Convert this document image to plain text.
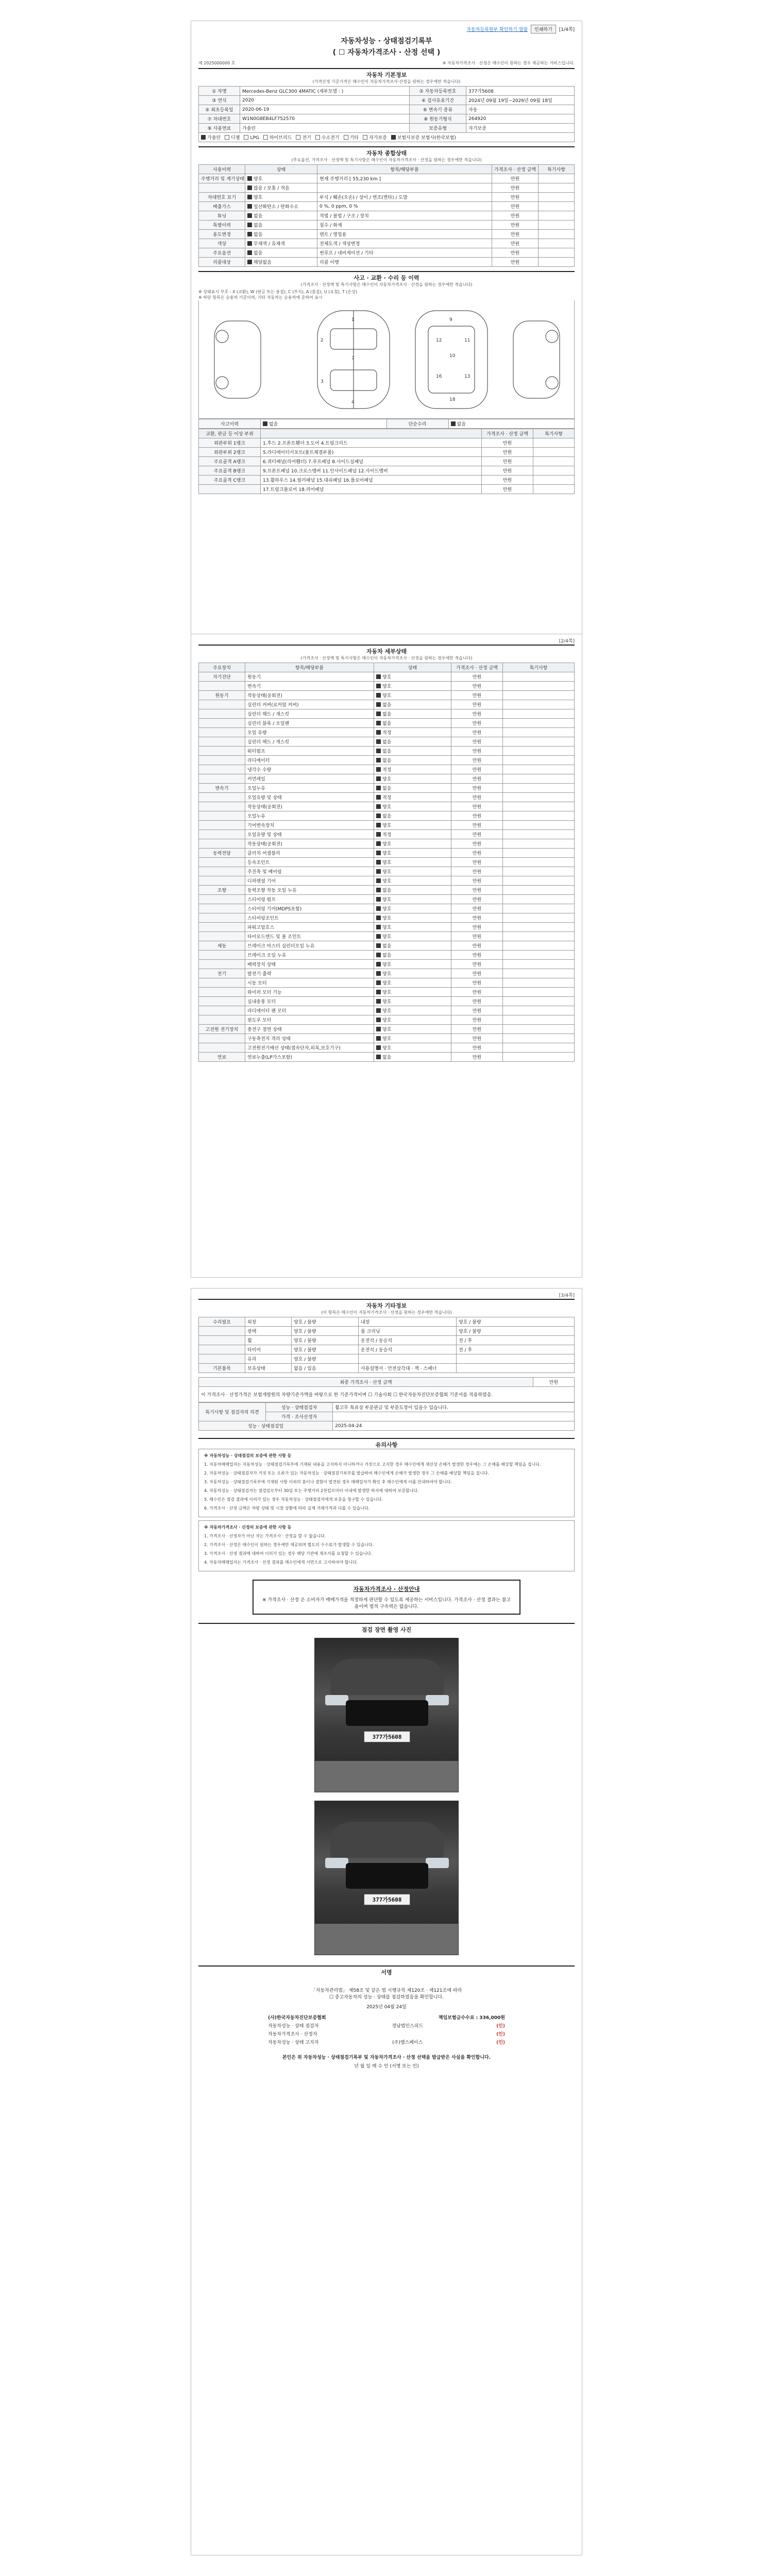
자동차등록원부 확인하기 열람	인쇄하기	[1/4쪽]
자동차성능 · 상태점검기록부
( ☐ 자동차가격조사 · 산정 선택 )
제 2025000000 호	※ 자동차가격조사 · 산정은 매수인이 원하는 경우 제공하는 서비스입니다.
자동차 기본정보
(가격산정 기준가격은 매수인이 자동차가격조사·산정을 원하는 경우에만 적습니다)
① 차명	Mercedes-Benz GLC300 4MATIC (세부모델 : )	② 자동차등록번호	377가5608
③ 연식	2020	④ 검사유효기간	2024년 09월 19일~2026년 09월 18일
⑤ 최초등록일	2020-06-19	⑥ 변속기 종류	자동
⑦ 차대번호	W1N0G8EB4LF752570	⑧ 원동기형식	264920
⑨ 사용연료	가솔린	보증유형	자가보증
가솔린 디젤 LPG 하이브리드 전기 수소전기 기타 자가보증 보험사보증 보험사(한국보험)			
자동차 종합상태
(주요옵션, 가격조사 · 산정액 및 특기사항은 매수인이 자동차가격조사 · 산정을 원하는 경우에만 적습니다)
사용이력	상태	항목/해당부품	가격조사 · 산정 금액	특기사항
주행거리 및 계기상태	양호	현재 주행거리 [ 55,230 km ]	만원	
	많음 / 보통 / 적음		만원	
차대번호 표기	양호	부식 / 훼손(오손) / 상이 / 변조(변타) / 도말	만원	
배출가스	일산화탄소 / 탄화수소	0 %, 0 ppm, 0 %	만원	
튜닝	없음	적법 / 불법 / 구조 / 장치	만원	
특별이력	없음	침수 / 화재	만원	
용도변경	없음	렌트 / 영업용	만원	
색상	무채색 / 유채색	전체도색 / 색상변경	만원	
주요옵션	없음	썬루프 / 네비게이션 / 기타	만원	
리콜대상	해당없음	리콜 이행	만원	
사고 · 교환 · 수리 등 이력
(가격조사 · 산정액 및 특기사항은 매수인이 자동차가격조사 · 산정을 원하는 경우에만 적습니다)
※ 상태표시 부호 : X (교환), W (판금 또는 용접), C (부식), A (흠집), U (요철), T (손상)
※ 하단 항목은 승용차 기준이며, 기타 자동차는 승용차에 준하여 표시
1
2
7
3
4
9
10
18
12	11
16	13
사고이력	없음	단순수리	없음
교환, 판금 등 이상 부위		가격조사 · 산정 금액	특기사항
외판부위 1랭크	1.후드 2.프론트휀더 3.도어 4.트렁크리드	만원	
외판부위 2랭크	5.라디에이터서포트(볼트체결부품)	만원	
주요골격 A랭크	6.쿼터패널(리어휀더) 7.루프패널 8.사이드실패널	만원	
주요골격 B랭크	9.프론트패널 10.크로스멤버 11.인사이드패널 12.사이드멤버	만원	
주요골격 C랭크	13.휠하우스 14.필러패널 15.대쉬패널 16.플로어패널	만원	
	17.트렁크플로어 18.리어패널	만원	
[2/4쪽]
자동차 세부상태
(가격조사 · 산정액 및 특기사항은 매수인이 자동차가격조사 · 산정을 원하는 경우에만 적습니다)
주요장치	항목/해당부품	상태	가격조사 · 산정 금액	특기사항
자기진단	원동기	양호	만원	
	변속기	양호	만원	
원동기	작동상태(공회전)	양호	만원	
	실린더 커버(로커암 커버)	없음	만원	
	실린더 헤드 / 개스킷	없음	만원	
	실린더 블록 / 오일팬	없음	만원	
	오일 유량	적정	만원	
	실린더 헤드 / 개스킷	없음	만원	
	워터펌프	없음	만원	
	라디에이터	없음	만원	
	냉각수 수량	적정	만원	
	커먼레일	양호	만원	
변속기	오일누유	없음	만원	
	오일유량 및 상태	적정	만원	
	작동상태(공회전)	양호	만원	
	오일누유	없음	만원	
	기어변속장치	양호	만원	
	오일유량 및 상태	적정	만원	
	작동상태(공회전)	양호	만원	
동력전달	클러치 어셈블리	양호	만원	
	등속조인트	양호	만원	
	추진축 및 베어링	양호	만원	
	디퍼렌셜 기어	양호	만원	
조향	동력조향 작동 오일 누유	없음	만원	
	스티어링 펌프	양호	만원	
	스티어링 기어(MDPS포함)	양호	만원	
	스티어링조인트	양호	만원	
	파워고압호스	양호	만원	
	타이로드엔드 및 볼 조인트	양호	만원	
제동	브레이크 마스터 실린더오일 누유	없음	만원	
	브레이크 오일 누유	없음	만원	
	배력장치 상태	양호	만원	
전기	발전기 출력	양호	만원	
	시동 모터	양호	만원	
	와이퍼 모터 기능	양호	만원	
	실내송풍 모터	양호	만원	
	라디에이터 팬 모터	양호	만원	
	윈도우 모터	양호	만원	
고전원 전기장치	충전구 절연 상태	양호	만원	
	구동축전지 격리 상태	양호	만원	
	고전원전기배선 상태(접속단자,피복,보호기구)	양호	만원	
연료	연료누출(LP가스포함)	없음	만원	
[3/4쪽]
자동차 기타정보
(이 항목은 매수인이 자동차가격조사 · 산정을 원하는 경우에만 적습니다)
수리필요	외장	양호 / 불량	내장	양호 / 불량
	광택	양호 / 불량	룸 크리닝	양호 / 불량
	휠	양호 / 불량	운전석 / 동승석	전 / 후
	타이어	양호 / 불량	운전석 / 동승석	전 / 후
	유리	양호 / 불량		
기본품목	보유상태	없음 / 있음	사용설명서 · 안전삼각대 · 잭 · 스패너	
최종 가격조사 · 산정 금액	만원
이 가격조사 · 산정가격은 보험개발원의 차량기준가액을 바탕으로 한 기준가격이며 ☐ 기술사회 ☐ 한국자동차진단보증협회 기준서를 적용하였음.
특기사항 및 점검자의 의견	성능 · 상태점검자	휠고무 특표상 부분판금 및 부분도장이 있을수 있습니다.
	가격 · 조사산정자	
성능 · 상태점검일		2025-04-24
유의사항

※ 자동차성능 · 상태점검의 보증에 관한 사항 등

1. 자동차매매업자는 자동차성능 · 상태점검기록부에 기재된 내용을 고지하지 아니하거나 거짓으로 고지한 경우 매수인에게 재산상 손해가 발생한 경우에는 그 손해를 배상할 책임을 집니다.

2. 자동차성능 · 상태점검자가 거짓 또는 오류가 있는 자동차성능 · 상태점검기록부를 발급하여 매수인에게 손해가 발생한 경우 그 손해를 배상할 책임을 집니다.

3. 자동차성능 · 상태점검기록부에 기재된 사항 이외의 흠이나 결함이 발견된 경우 매매업자가 확인 후 매수인에게 이를 안내하여야 합니다.

4. 자동차성능 · 상태점검자는 점검일로부터 30일 또는 주행거리 2천킬로미터 이내에 발생한 하자에 대하여 보증합니다.

5. 매수인은 점검 결과에 이의가 있는 경우 자동차성능 · 상태점검자에게 보증을 청구할 수 있습니다.

6. 가격조사 · 산정 금액은 차량 상태 및 시장 상황에 따라 실제 거래가격과 다를 수 있습니다.

※ 자동차가격조사 · 산정의 보증에 관한 사항 등

1. 가격조사 · 산정자가 아닌 자는 가격조사 · 산정을 할 수 없습니다.

2. 가격조사 · 산정은 매수인이 원하는 경우에만 제공되며 별도의 수수료가 발생할 수 있습니다.

3. 가격조사 · 산정 결과에 대하여 이의가 있는 경우 해당 기관에 재조사를 요청할 수 있습니다.

4. 자동차매매업자는 가격조사 · 산정 결과를 매수인에게 서면으로 고지하여야 합니다.

자동차가격조사 · 산정안내
※ 가격조사 · 산정 은 소비자가 매매가격을 적정하게 판단할 수 있도록 제공하는 서비스입니다. 가격조사 · 산정 결과는 참고용이며 법적 구속력은 없습니다.
점검 장면 촬영 사진
377가5608
377가5608
서명
「자동차관리법」 제58조 및 같은 법 시행규칙 제120조 · 제121조에 따라
☐ 중고자동차의 성능 · 상태를 점검하였음을 확인합니다.
2025년 04월 24일
(사)한국자동차진단보증협회	책임보험금수수료 : 336,000원
자동차성능 · 상태 점검자	경남법인스피드	(인)
자동차가격조사 · 산정자	(인)
자동차성능 · 상태 고지자	(주)엠스페이스	(인)
본인은 위 자동차성능 · 상태점검기록부 및 자동차가격조사 · 산정 선택을 발급받은 사실을 확인합니다.
년 월 일 매 수 인 (서명 또는 인)
